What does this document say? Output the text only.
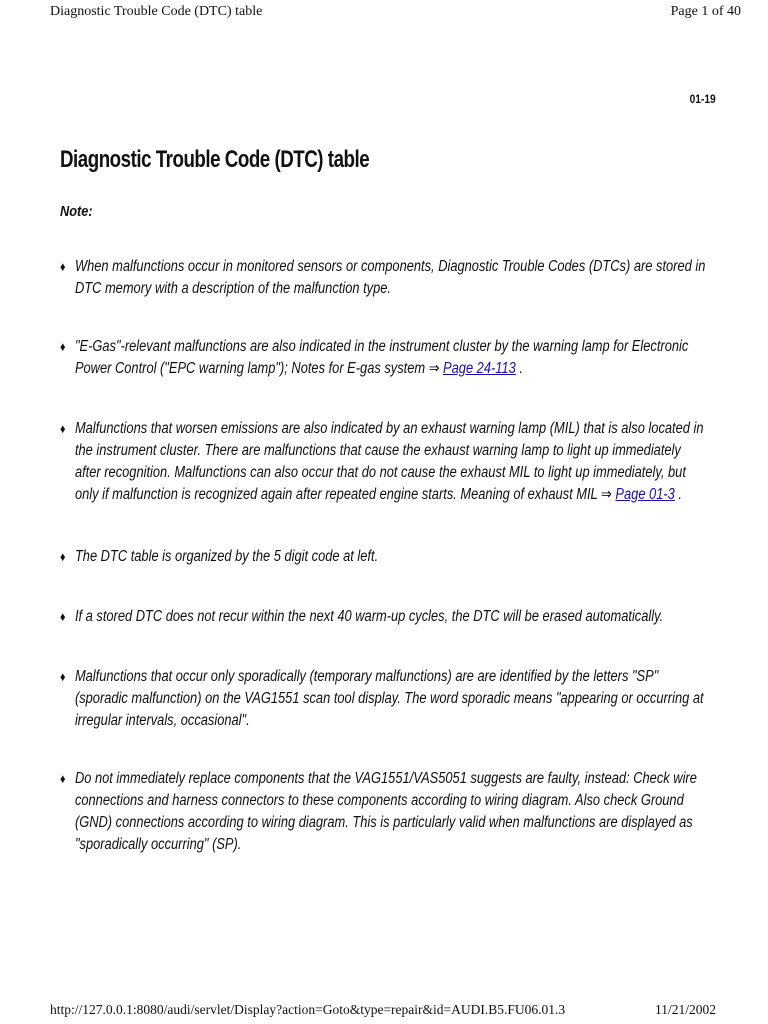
Diagnostic Trouble Code (DTC) table	Page 1 of 40
01-19
Diagnostic Trouble Code (DTC) table
Note:
♦ When malfunctions occur in monitored sensors or components, Diagnostic Trouble Codes (DTCs) are stored in DTC memory with a description of the malfunction type.
♦ "E-Gas"-relevant malfunctions are also indicated in the instrument cluster by the warning lamp for Electronic Power Control ("EPC warning lamp"); Notes for E-gas system ⇒ Page 24-113 .
♦ Malfunctions that worsen emissions are also indicated by an exhaust warning lamp (MIL) that is also located in the instrument cluster. There are malfunctions that cause the exhaust warning lamp to light up immediately after recognition. Malfunctions can also occur that do not cause the exhaust MIL to light up immediately, but only if malfunction is recognized again after repeated engine starts. Meaning of exhaust MIL ⇒ Page 01-3 .
♦ The DTC table is organized by the 5 digit code at left.
♦ If a stored DTC does not recur within the next 40 warm-up cycles, the DTC will be erased automatically.
♦ Malfunctions that occur only sporadically (temporary malfunctions) are are identified by the letters "SP" (sporadic malfunction) on the VAG1551 scan tool display. The word sporadic means "appearing or occurring at irregular intervals, occasional".
♦ Do not immediately replace components that the VAG1551/VAS5051 suggests are faulty, instead: Check wire connections and harness connectors to these components according to wiring diagram. Also check Ground (GND) connections according to wiring diagram. This is particularly valid when malfunctions are displayed as "sporadically occurring" (SP).
http://127.0.0.1:8080/audi/servlet/Display?action=Goto&type=repair&id=AUDI.B5.FU06.01.3	11/21/2002
